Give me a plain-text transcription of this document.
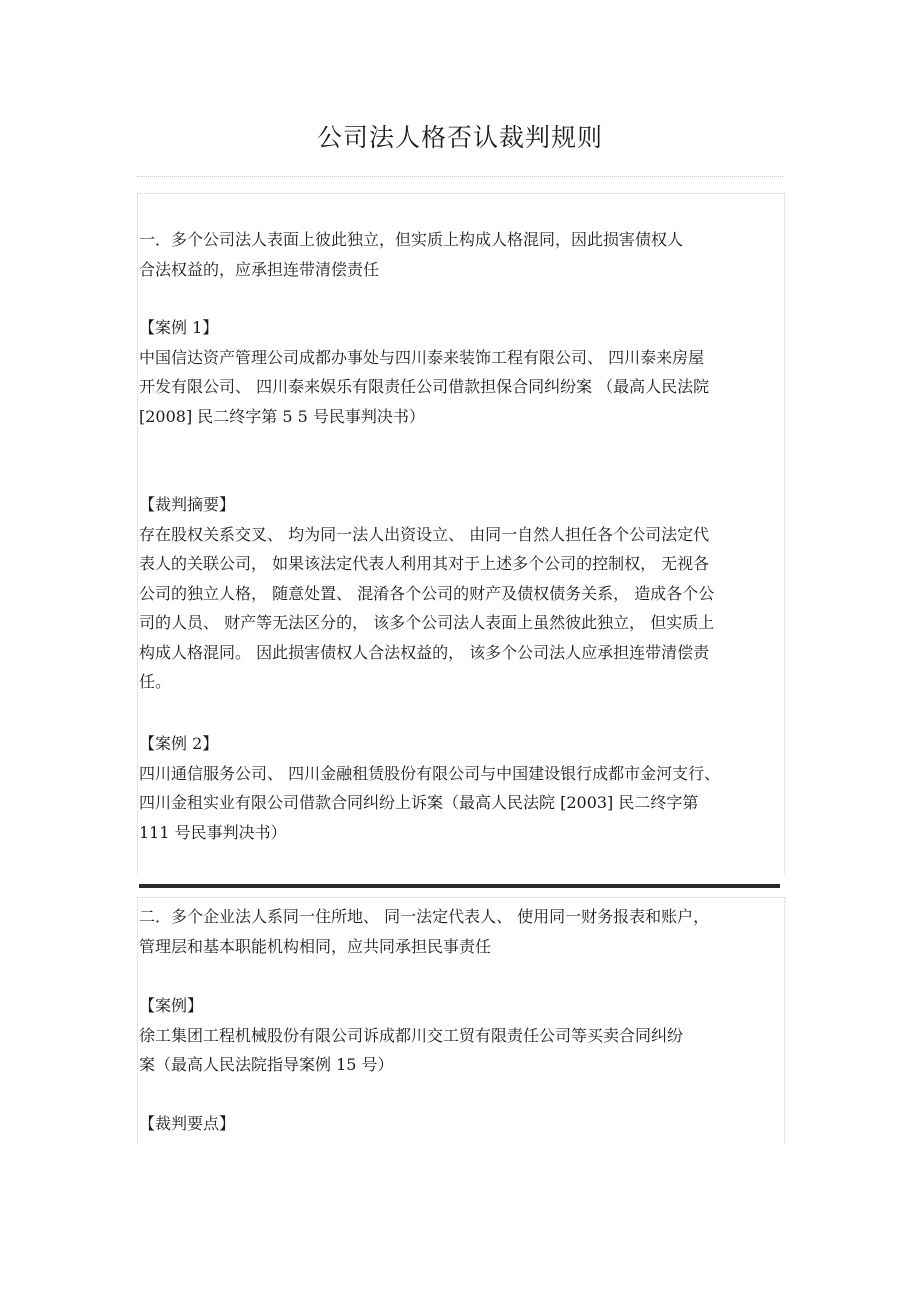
公司法人格否认裁判规则

一．多个公司法人表面上彼此独立，但实质上构成人格混同，因此损害债权人
合法权益的，应承担连带清偿责任

【案例 1】
中国信达资产管理公司成都办事处与四川泰来装饰工程有限公司、 四川泰来房屋
开发有限公司、 四川泰来娱乐有限责任公司借款担保合同纠纷案 （最高人民法院
[2008] 民二终字第 5 5 号民事判决书）

【裁判摘要】
存在股权关系交叉、 均为同一法人出资设立、 由同一自然人担任各个公司法定代
表人的关联公司， 如果该法定代表人利用其对于上述多个公司的控制权， 无视各
公司的独立人格， 随意处置、 混淆各个公司的财产及债权债务关系， 造成各个公
司的人员、 财产等无法区分的， 该多个公司法人表面上虽然彼此独立， 但实质上
构成人格混同。 因此损害债权人合法权益的， 该多个公司法人应承担连带清偿责
任。

【案例 2】
四川通信服务公司、 四川金融租赁股份有限公司与中国建设银行成都市金河支行、
四川金租实业有限公司借款合同纠纷上诉案（最高人民法院 [2003] 民二终字第
111 号民事判决书）

二．多个企业法人系同一住所地、 同一法定代表人、 使用同一财务报表和账户，
管理层和基本职能机构相同，应共同承担民事责任

【案例】
徐工集团工程机械股份有限公司诉成都川交工贸有限责任公司等买卖合同纠纷
案（最高人民法院指导案例 15 号）

【裁判要点】
